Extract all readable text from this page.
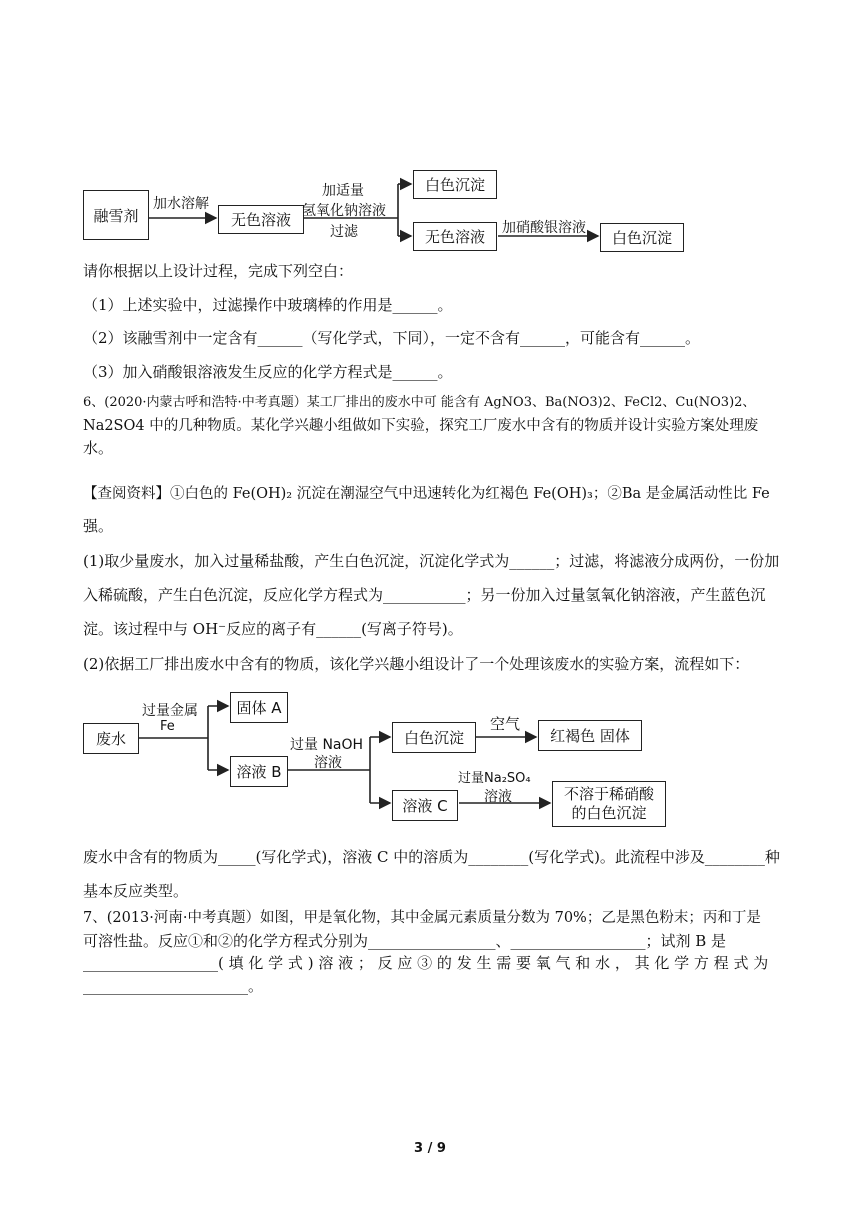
融雪剂
加水溶解
无色溶液
加适量
氢氧化钠溶液
过滤
白色沉淀
无色溶液	加硝酸银溶液
白色沉淀
请你根据以上设计过程，完成下列空白：
（1）上述实验中，过滤操作中玻璃棒的作用是______。
（2）该融雪剂中一定含有______（写化学式，下同），一定不含有______，可能含有______。
（3）加入硝酸银溶液发生反应的化学方程式是______。
6、(2020·内蒙古呼和浩特·中考真题）某工厂排出的废水中可 能含有 AgNO3、Ba(NO3)2、FeCl2、Cu(NO3)2、
Na2SO4 中的几种物质。某化学兴趣小组做如下实验，探究工厂废水中含有的物质并设计实验方案处理废
水。
【查阅资料】①白色的 Fe(OH)₂ 沉淀在潮湿空气中迅速转化为红褐色 Fe(OH)₃；②Ba 是金属活动性比 Fe
强。
(1)取少量废水，加入过量稀盐酸，产生白色沉淀，沉淀化学式为______；过滤，将滤液分成两份，一份加
入稀硫酸，产生白色沉淀，反应化学方程式为___________；另一份加入过量氢氧化钠溶液，产生蓝色沉
淀。该过程中与 OH⁻反应的离子有______(写离子符号)。
(2)依据工厂排出废水中含有的物质，该化学兴趣小组设计了一个处理该废水的实验方案，流程如下：
废水
过量金属
Fe
固体 A
溶液 B
过量 NaOH
溶液
白色沉淀
空气
红褐色 固体
过量Na₂SO₄
溶液
溶液 C
不溶于稀硝酸
的白色沉淀
废水中含有的物质为_____(写化学式)，溶液 C 中的溶质为________(写化学式)。此流程中涉及________种
基本反应类型。
7、(2013·河南·中考真题）如图，甲是氧化物，其中金属元素质量分数为 70%；乙是黑色粉末；丙和丁是
可溶性盐。反应①和②的化学方程式分别为_________________、__________________；试剂 B 是
__________________( 填 化 学 式 ) 溶 液 ； 反 应 ③ 的 发 生 需 要 氧 气 和 水 ， 其 化 学 方 程 式 为
______________________。
3 / 9
